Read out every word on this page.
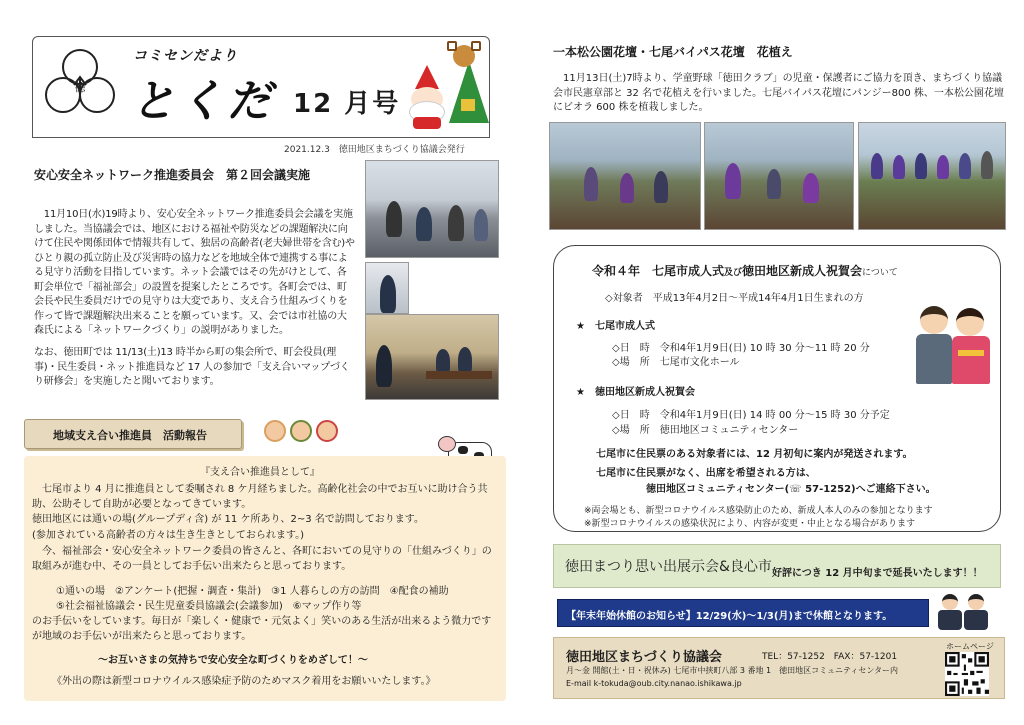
徳
コミセンだより
とくだ 12 月号
2021.12.3　徳田地区まちづくり協議会発行
安心安全ネットワーク推進委員会　第２回会議実施

　11月10日(水)19時より、安心安全ネットワーク推進委員会会議を実施しました。当協議会では、地区における福祉や防災などの課題解決に向けて住民や関係団体で情報共有して、独居の高齢者(老夫婦世帯を含む)やひとり親の孤立防止及び災害時の協力などを地域全体で連携する事による見守り活動を目指しています。ネット会議ではその先がけとして、各町会単位で「福祉部会」の設置を提案したところです。各町会では、町会長や民生委員だけでの見守りは大変であり、支え合う仕組みづくりを作って皆で課題解決出来ることを願っています。又、会では市社協の大森氏による「ネットワークづくり」の説明がありました。

なお、徳田町では 11/13(土)13 時半から町の集会所で、町会役員(理事)・民生委員・ネット推進員など 17 人の参加で「支え合いマップづくり研修会」を実施したと聞いております。

地域支え合い推進員　活動報告
『支え合い推進員として』

　七尾市より 4 月に推進員として委嘱され 8 ケ月経ちました。高齢化社会の中でお互いに助け合う共助、公助そして自助が必要となってきています。

徳田地区には通いの場(グループディ含) が 11 ケ所あり、2~3 名で訪問しております。

(参加されている高齢者の方々は生き生きとしておられます。)

　今、福祉部会・安心安全ネットワーク委員の皆さんと、各町においての見守りの「仕組みづくり」の取組みが進む中、その一員としてお手伝い出来たらと思っております。

①通いの場　②アンケート(把握・調査・集計)　③1 人暮らしの方の訪問　④配食の補助
⑤社会福祉協議会・民生児童委員協議会(会議参加)　⑥マップ作り等

のお手伝いをしています。毎日が「楽しく・健康で・元気よく」笑いのある生活が出来るよう微力ですが地域のお手伝いが出来たらと思っております。

～お互いさまの気持ちで安心安全な町づくりをめざして！～
《外出の際は新型コロナウイルス感染症予防のためマスク着用をお願いいたします。》
一本松公園花壇・七尾バイパス花壇　花植え

　11月13日(土)7時より、学童野球「徳田クラブ」の児童・保護者にご協力を頂き、まちづくり協議会市民憲章部と 32 名で花植えを行いました。七尾バイパス花壇にパンジー800 株、一本松公園花壇にビオラ 600 株を植栽しました。

令和４年　七尾市成人式及び徳田地区新成人祝賀会について
◇対象者　平成13年4月2日～平成14年4月1日生まれの方
★　七尾市成人式
◇日　時　令和4年1月9日(日) 10 時 30 分～11 時 20 分
◇場　所　七尾市文化ホール
★　徳田地区新成人祝賀会
◇日　時　令和4年1月9日(日) 14 時 00 分～15 時 30 分予定
◇場　所　徳田地区コミュニティセンター
七尾市に住民票のある対象者には、12 月初旬に案内が発送されます。
七尾市に住民票がなく、出席を希望される方は、
徳田地区コミュニティセンター(☏ 57-1252)へご連絡下さい。
※両会場とも、新型コロナウイルス感染防止のため、新成人本人のみの参加となります
※新型コロナウイルスの感染状況により、内容が変更・中止となる場合があります
徳田まつり思い出展示会&良心市 好評につき 12 月中旬まで延長いたします！！
【年末年始休館のお知らせ】12/29(水)～1/3(月)まで休館となります。
徳田地区まちづくり協議会	TEL：57-1252　FAX：57-1201
月～金 開館(土・日・祝休み) 七尾市中挟町八部 3 番地 1　徳田地区コミュニティセンター内
E-mail k-tokuda@oub.city.nanao.ishikawa.jp
ホームページ
